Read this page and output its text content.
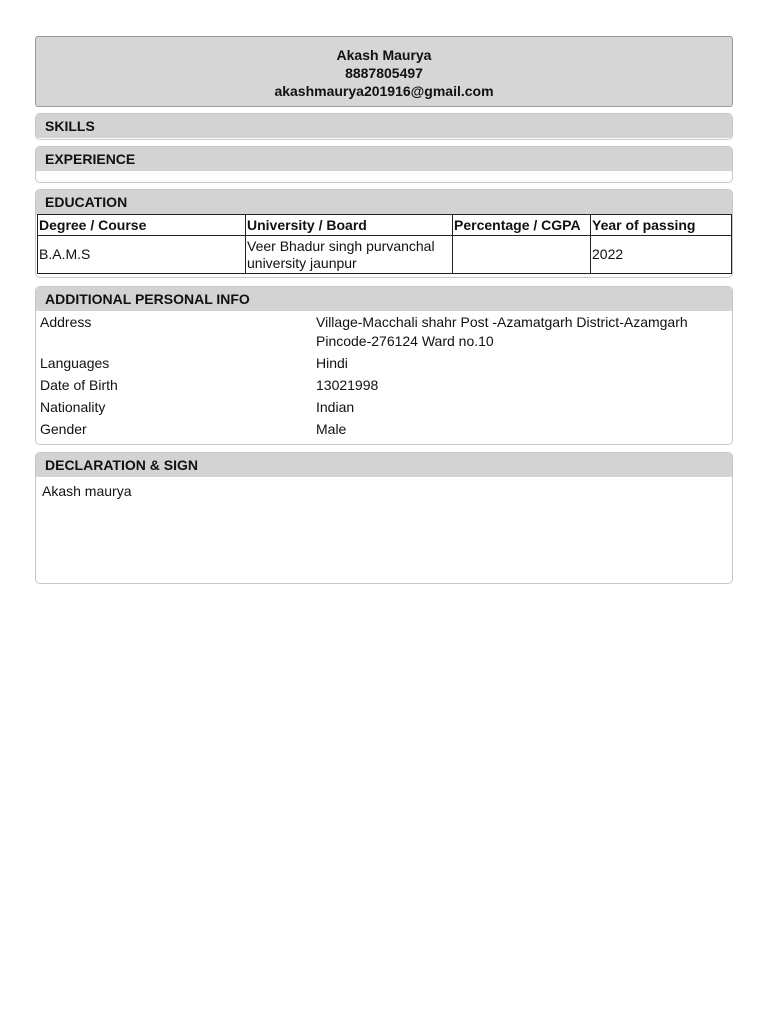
Akash Maurya
8887805497
akashmaurya201916@gmail.com
SKILLS
EXPERIENCE
EDUCATION
Degree / Course	University / Board	Percentage / CGPA	Year of passing
B.A.M.S	Veer Bhadur singh purvanchal university jaunpur		2022
ADDITIONAL PERSONAL INFO
Address	Village-Macchali shahr Post -Azamatgarh District-Azamgarh Pincode-276124 Ward no.10
Languages	Hindi
Date of Birth	13021998
Nationality	Indian
Gender	Male
DECLARATION & SIGN
Akash maurya
